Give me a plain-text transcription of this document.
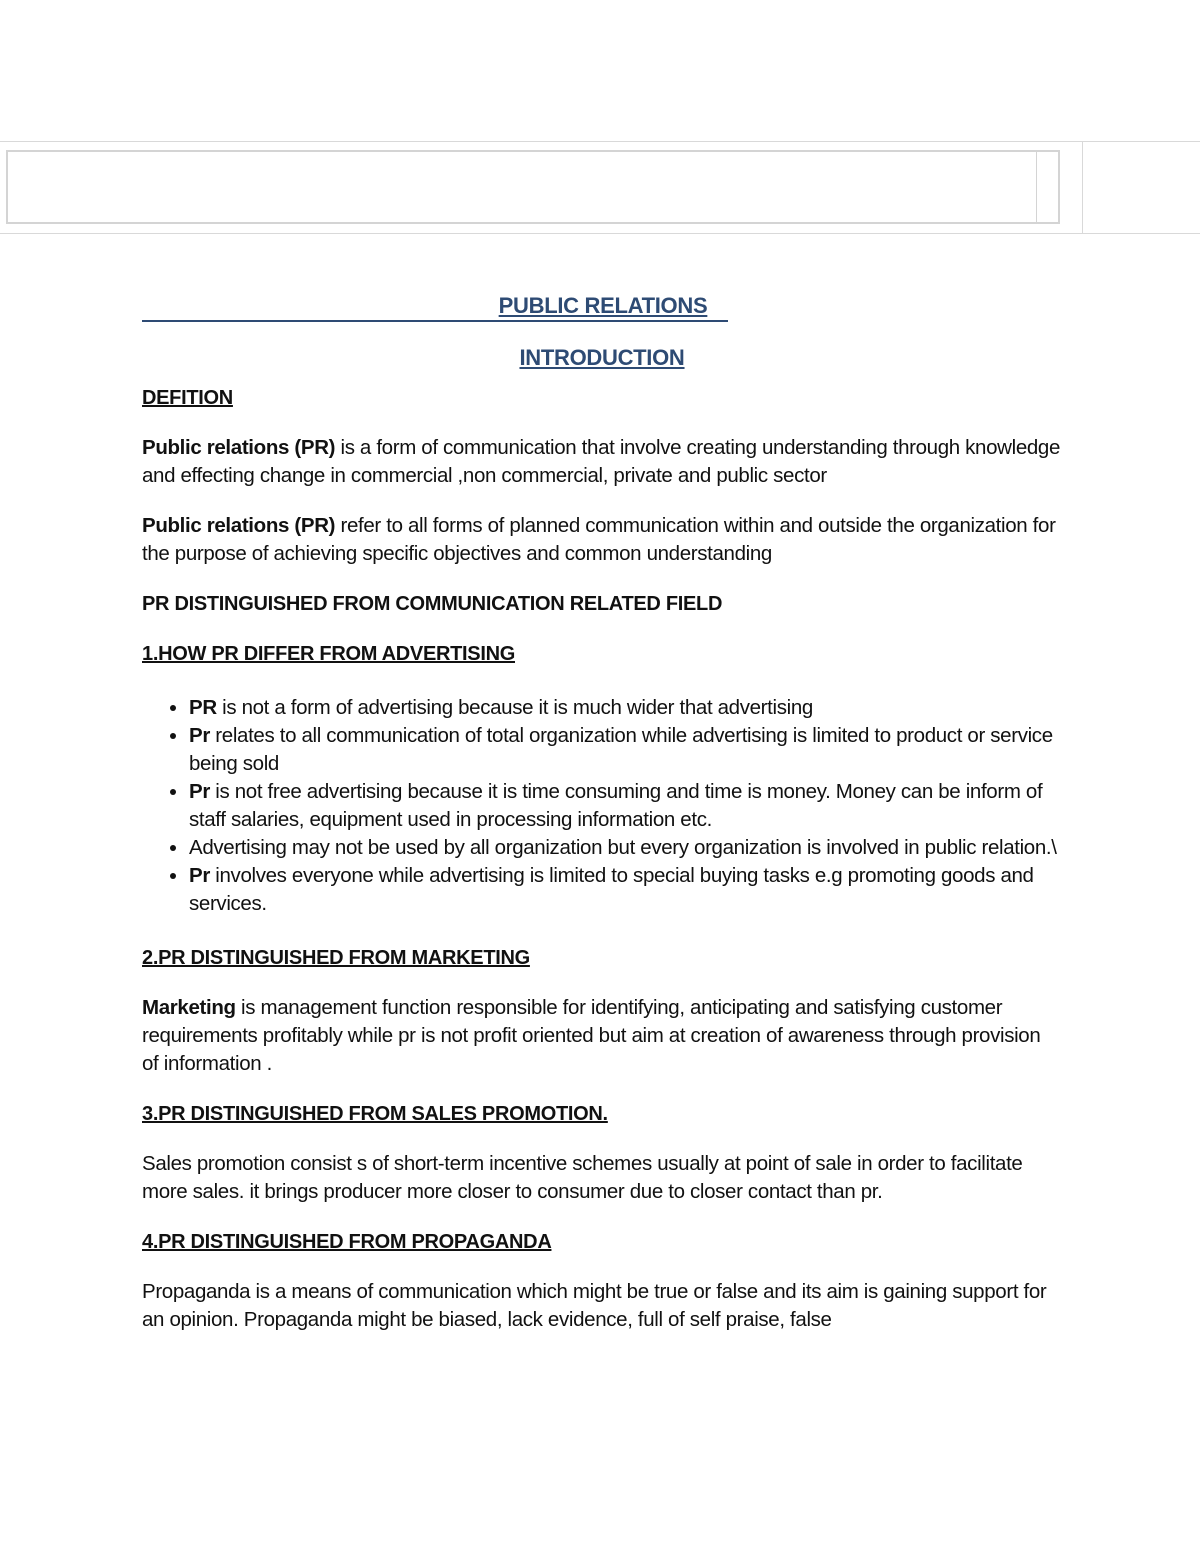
PUBLIC RELATIONS
INTRODUCTION

DEFITION

Public relations (PR) is a form of communication that involve creating understanding through knowledge and effecting change in commercial ,non commercial, private and public sector

Public relations (PR) refer to all forms of planned communication within and outside the organization for the purpose of achieving specific objectives and common understanding

PR DISTINGUISHED FROM COMMUNICATION RELATED FIELD

1.HOW PR DIFFER FROM ADVERTISING

• PR is not a form of advertising because it is much wider that advertising
• Pr relates to all communication of total organization while advertising is limited to product or service being sold
• Pr is not free advertising because it is time consuming and time is money. Money can be inform of staff salaries, equipment used in processing information etc.
• Advertising may not be used by all organization but every organization is involved in public relation.\
• Pr involves everyone while advertising is limited to special buying tasks e.g promoting goods and services.

2.PR DISTINGUISHED FROM MARKETING

Marketing is management function responsible for identifying, anticipating and satisfying customer requirements profitably while pr is not profit oriented but aim at creation of awareness through provision of information .

3.PR DISTINGUISHED FROM SALES PROMOTION.

Sales promotion consist s of short-term incentive schemes usually at point of sale in order to facilitate more sales. it brings producer more closer to consumer due to closer contact than pr.

4.PR DISTINGUISHED FROM PROPAGANDA

Propaganda is a means of communication which might be true or false and its aim is gaining support for an opinion. Propaganda might be biased, lack evidence, full of self praise, false
